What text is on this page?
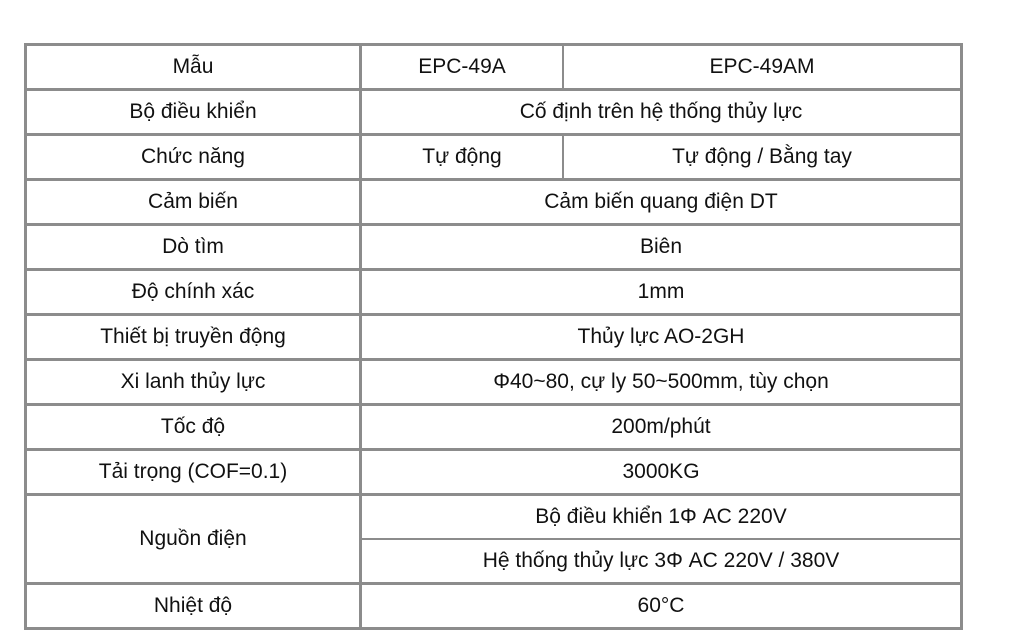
Mẫu	EPC-49A	EPC-49AM
Bộ điều khiển	Cố định trên hệ thống thủy lực	
Chức năng	Tự động	Tự động / Bằng tay
Cảm biến	Cảm biến quang điện DT	
Dò tìm	Biên	
Độ chính xác	1mm	
Thiết bị truyền động	Thủy lực AO-2GH	
Xi lanh thủy lực	Φ40~80, cự ly 50~500mm, tùy chọn	
Tốc độ	200m/phút	
Tải trọng (COF=0.1)	3000KG	
Nguồn điện	Bộ điều khiển 1Φ AC 220V	
	Hệ thống thủy lực 3Φ AC 220V / 380V	
Nhiệt độ	60°C	
